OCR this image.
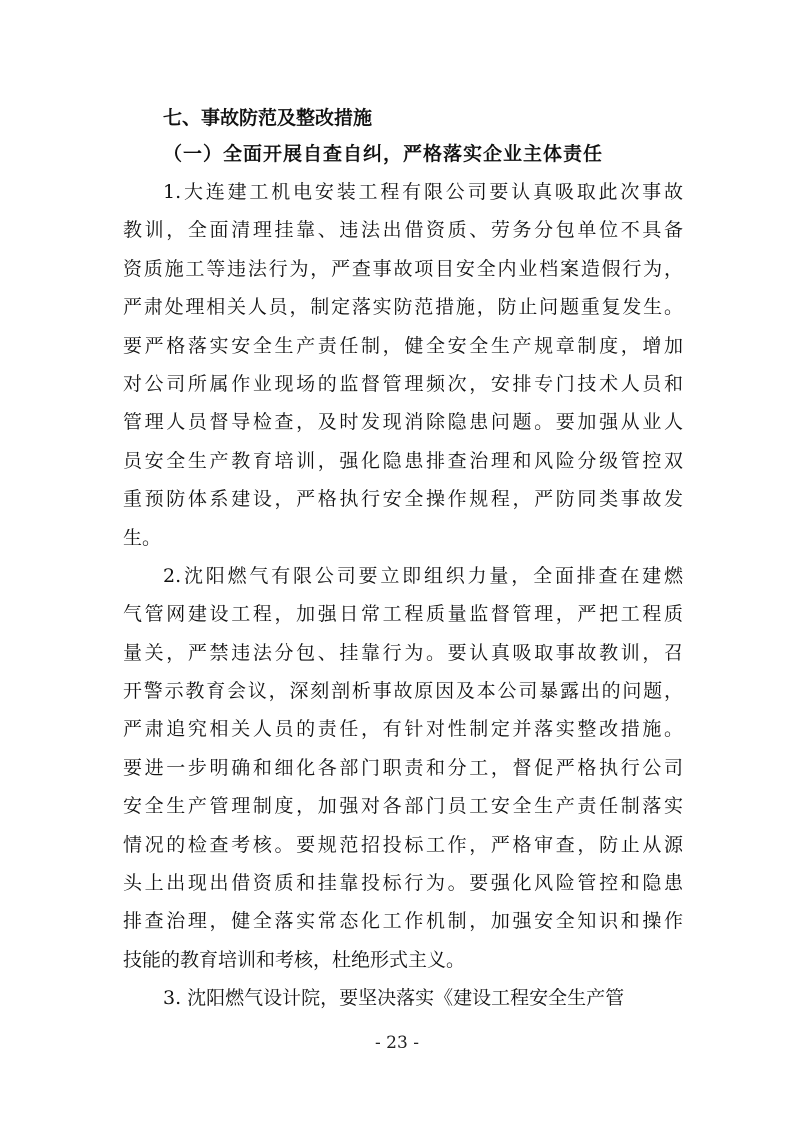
七、事故防范及整改措施
（一）全面开展自查自纠，严格落实企业主体责任
1.大连建工机电安装工程有限公司要认真吸取此次事故
教训，全面清理挂靠、违法出借资质、劳务分包单位不具备
资质施工等违法行为，严查事故项目安全内业档案造假行为，
严肃处理相关人员，制定落实防范措施，防止问题重复发生。
要严格落实安全生产责任制，健全安全生产规章制度，增加
对公司所属作业现场的监督管理频次，安排专门技术人员和
管理人员督导检查，及时发现消除隐患问题。要加强从业人
员安全生产教育培训，强化隐患排查治理和风险分级管控双
重预防体系建设，严格执行安全操作规程，严防同类事故发
生。
2.沈阳燃气有限公司要立即组织力量，全面排查在建燃
气管网建设工程，加强日常工程质量监督管理，严把工程质
量关，严禁违法分包、挂靠行为。要认真吸取事故教训，召
开警示教育会议，深刻剖析事故原因及本公司暴露出的问题，
严肃追究相关人员的责任，有针对性制定并落实整改措施。
要进一步明确和细化各部门职责和分工，督促严格执行公司
安全生产管理制度，加强对各部门员工安全生产责任制落实
情况的检查考核。要规范招投标工作，严格审查，防止从源
头上出现出借资质和挂靠投标行为。要强化风险管控和隐患
排查治理，健全落实常态化工作机制，加强安全知识和操作
技能的教育培训和考核，杜绝形式主义。
3. 沈阳燃气设计院，要坚决落实《建设工程安全生产管
- 23 -
